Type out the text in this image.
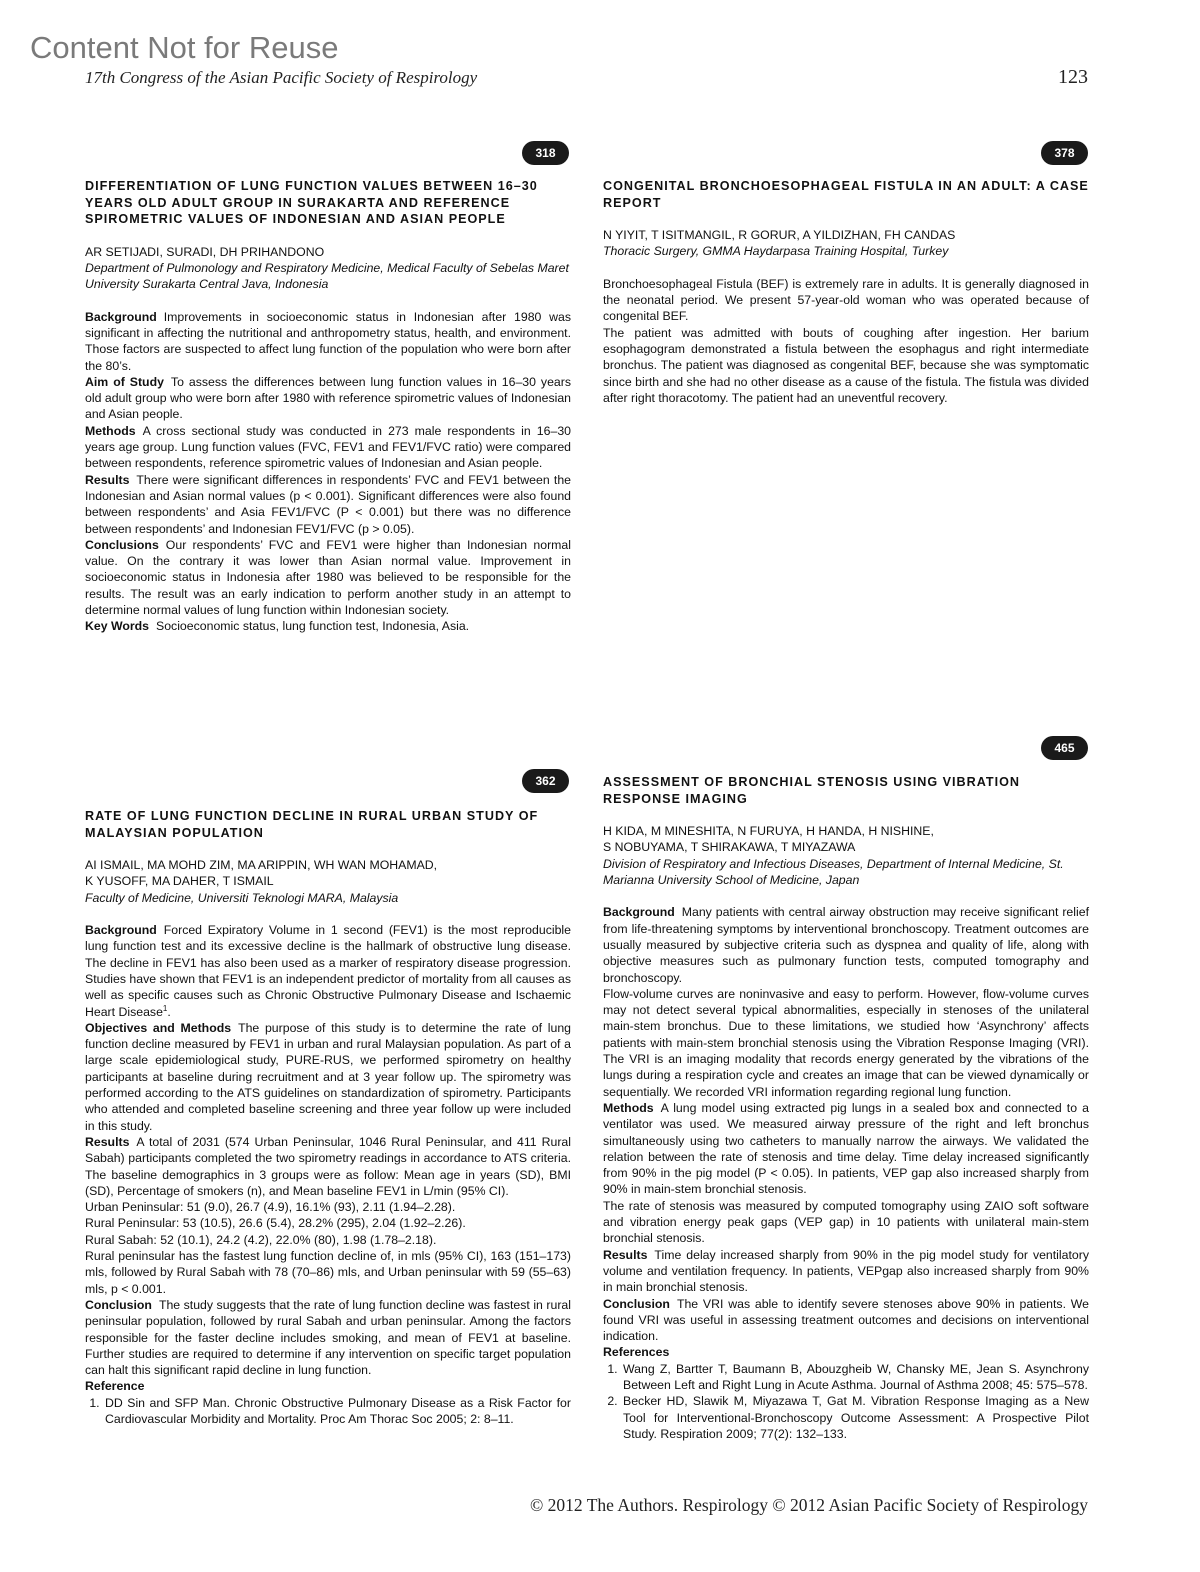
Content Not for Reuse
17th Congress of the Asian Pacific Society of Respirology	123
318
DIFFERENTIATION OF LUNG FUNCTION VALUES BETWEEN 16–30 YEARS OLD ADULT GROUP IN SURAKARTA AND REFERENCE SPIROMETRIC VALUES OF INDONESIAN AND ASIAN PEOPLE
AR SETIJADI, SURADI, DH PRIHANDONO
Department of Pulmonology and Respiratory Medicine, Medical Faculty of Sebelas Maret University Surakarta Central Java, Indonesia

Background Improvements in socioeconomic status in Indonesian after 1980 was significant in affecting the nutritional and anthropometry status, health, and environment. Those factors are suspected to affect lung function of the population who were born after the 80’s.

Aim of Study To assess the differences between lung function values in 16–30 years old adult group who were born after 1980 with reference spirometric values of Indonesian and Asian people.

Methods A cross sectional study was conducted in 273 male respondents in 16–30 years age group. Lung function values (FVC, FEV1 and FEV1/FVC ratio) were compared between respondents, reference spirometric values of Indonesian and Asian people.

Results There were significant differences in respondents’ FVC and FEV1 between the Indonesian and Asian normal values (p < 0.001). Significant differences were also found between respondents’ and Asia FEV1/FVC (P < 0.001) but there was no difference between respondents’ and Indonesian FEV1/FVC (p > 0.05).

Conclusions Our respondents’ FVC and FEV1 were higher than Indonesian normal value. On the contrary it was lower than Asian normal value. Improvement in socioeconomic status in Indonesia after 1980 was believed to be responsible for the results. The result was an early indication to perform another study in an attempt to determine normal values of lung function within Indonesian society.

Key Words Socioeconomic status, lung function test, Indonesia, Asia.

378
CONGENITAL BRONCHOESOPHAGEAL FISTULA IN AN ADULT: A CASE REPORT
N YIYIT, T ISITMANGIL, R GORUR, A YILDIZHAN, FH CANDAS
Thoracic Surgery, GMMA Haydarpasa Training Hospital, Turkey

Bronchoesophageal Fistula (BEF) is extremely rare in adults. It is generally diagnosed in the neonatal period. We present 57-year-old woman who was operated because of congenital BEF.

The patient was admitted with bouts of coughing after ingestion. Her barium esophagogram demonstrated a fistula between the esophagus and right intermediate bronchus. The patient was diagnosed as congenital BEF, because she was symptomatic since birth and she had no other disease as a cause of the fistula. The fistula was divided after right thoracotomy. The patient had an uneventful recovery.

362
RATE OF LUNG FUNCTION DECLINE IN RURAL URBAN STUDY OF MALAYSIAN POPULATION
AI ISMAIL, MA MOHD ZIM, MA ARIPPIN, WH WAN MOHAMAD,
K YUSOFF, MA DAHER, T ISMAIL
Faculty of Medicine, Universiti Teknologi MARA, Malaysia

Background Forced Expiratory Volume in 1 second (FEV1) is the most reproducible lung function test and its excessive decline is the hallmark of obstructive lung disease. The decline in FEV1 has also been used as a marker of respiratory disease progression. Studies have shown that FEV1 is an independent predictor of mortality from all causes as well as specific causes such as Chronic Obstructive Pulmonary Disease and Ischaemic Heart Disease$^1$.

Objectives and Methods The purpose of this study is to determine the rate of lung function decline measured by FEV1 in urban and rural Malaysian population. As part of a large scale epidemiological study, PURE-RUS, we performed spirometry on healthy participants at baseline during recruitment and at 3 year follow up. The spirometry was performed according to the ATS guidelines on standardization of spirometry. Participants who attended and completed baseline screening and three year follow up were included in this study.

Results A total of 2031 (574 Urban Peninsular, 1046 Rural Peninsular, and 411 Rural Sabah) participants completed the two spirometry readings in accordance to ATS criteria. The baseline demographics in 3 groups were as follow: Mean age in years (SD), BMI (SD), Percentage of smokers (n), and Mean baseline FEV1 in L/min (95% CI).

Urban Peninsular: 51 (9.0), 26.7 (4.9), 16.1% (93), 2.11 (1.94–2.28).

Rural Peninsular: 53 (10.5), 26.6 (5.4), 28.2% (295), 2.04 (1.92–2.26).

Rural Sabah: 52 (10.1), 24.2 (4.2), 22.0% (80), 1.98 (1.78–2.18).

Rural peninsular has the fastest lung function decline of, in mls (95% CI), 163 (151–173) mls, followed by Rural Sabah with 78 (70–86) mls, and Urban peninsular with 59 (55–63) mls, p < 0.001.

Conclusion The study suggests that the rate of lung function decline was fastest in rural peninsular population, followed by rural Sabah and urban peninsular. Among the factors responsible for the faster decline includes smoking, and mean of FEV1 at baseline. Further studies are required to determine if any intervention on specific target population can halt this significant rapid decline in lung function.

Reference
1. DD Sin and SFP Man. Chronic Obstructive Pulmonary Disease as a Risk Factor for Cardiovascular Morbidity and Mortality. Proc Am Thorac Soc 2005; 2: 8–11.
465
ASSESSMENT OF BRONCHIAL STENOSIS USING VIBRATION RESPONSE IMAGING
H KIDA, M MINESHITA, N FURUYA, H HANDA, H NISHINE,
S NOBUYAMA, T SHIRAKAWA, T MIYAZAWA
Division of Respiratory and Infectious Diseases, Department of Internal Medicine, St. Marianna University School of Medicine, Japan

Background Many patients with central airway obstruction may receive significant relief from life-threatening symptoms by interventional bronchoscopy. Treatment outcomes are usually measured by subjective criteria such as dyspnea and quality of life, along with objective measures such as pulmonary function tests, computed tomography and bronchoscopy.

Flow-volume curves are noninvasive and easy to perform. However, flow-volume curves may not detect several typical abnormalities, especially in stenoses of the unilateral main-stem bronchus. Due to these limitations, we studied how ‘Asynchrony’ affects patients with main-stem bronchial stenosis using the Vibration Response Imaging (VRI). The VRI is an imaging modality that records energy generated by the vibrations of the lungs during a respiration cycle and creates an image that can be viewed dynamically or sequentially. We recorded VRI information regarding regional lung function.

Methods A lung model using extracted pig lungs in a sealed box and connected to a ventilator was used. We measured airway pressure of the right and left bronchus simultaneously using two catheters to manually narrow the airways. We validated the relation between the rate of stenosis and time delay. Time delay increased significantly from 90% in the pig model (P < 0.05). In patients, VEP gap also increased sharply from 90% in main-stem bronchial stenosis.

The rate of stenosis was measured by computed tomography using ZAIO soft software and vibration energy peak gaps (VEP gap) in 10 patients with unilateral main-stem bronchial stenosis.

Results Time delay increased sharply from 90% in the pig model study for ventilatory volume and ventilation frequency. In patients, VEPgap also increased sharply from 90% in main bronchial stenosis.

Conclusion The VRI was able to identify severe stenoses above 90% in patients. We found VRI was useful in assessing treatment outcomes and decisions on interventional indication.

References
1. Wang Z, Bartter T, Baumann B, Abouzgheib W, Chansky ME, Jean S. Asynchrony Between Left and Right Lung in Acute Asthma. Journal of Asthma 2008; 45: 575–578.
2. Becker HD, Slawik M, Miyazawa T, Gat M. Vibration Response Imaging as a New Tool for Interventional-Bronchoscopy Outcome Assessment: A Prospective Pilot Study. Respiration 2009; 77(2): 132–133.
© 2012 The Authors. Respirology © 2012 Asian Pacific Society of Respirology
